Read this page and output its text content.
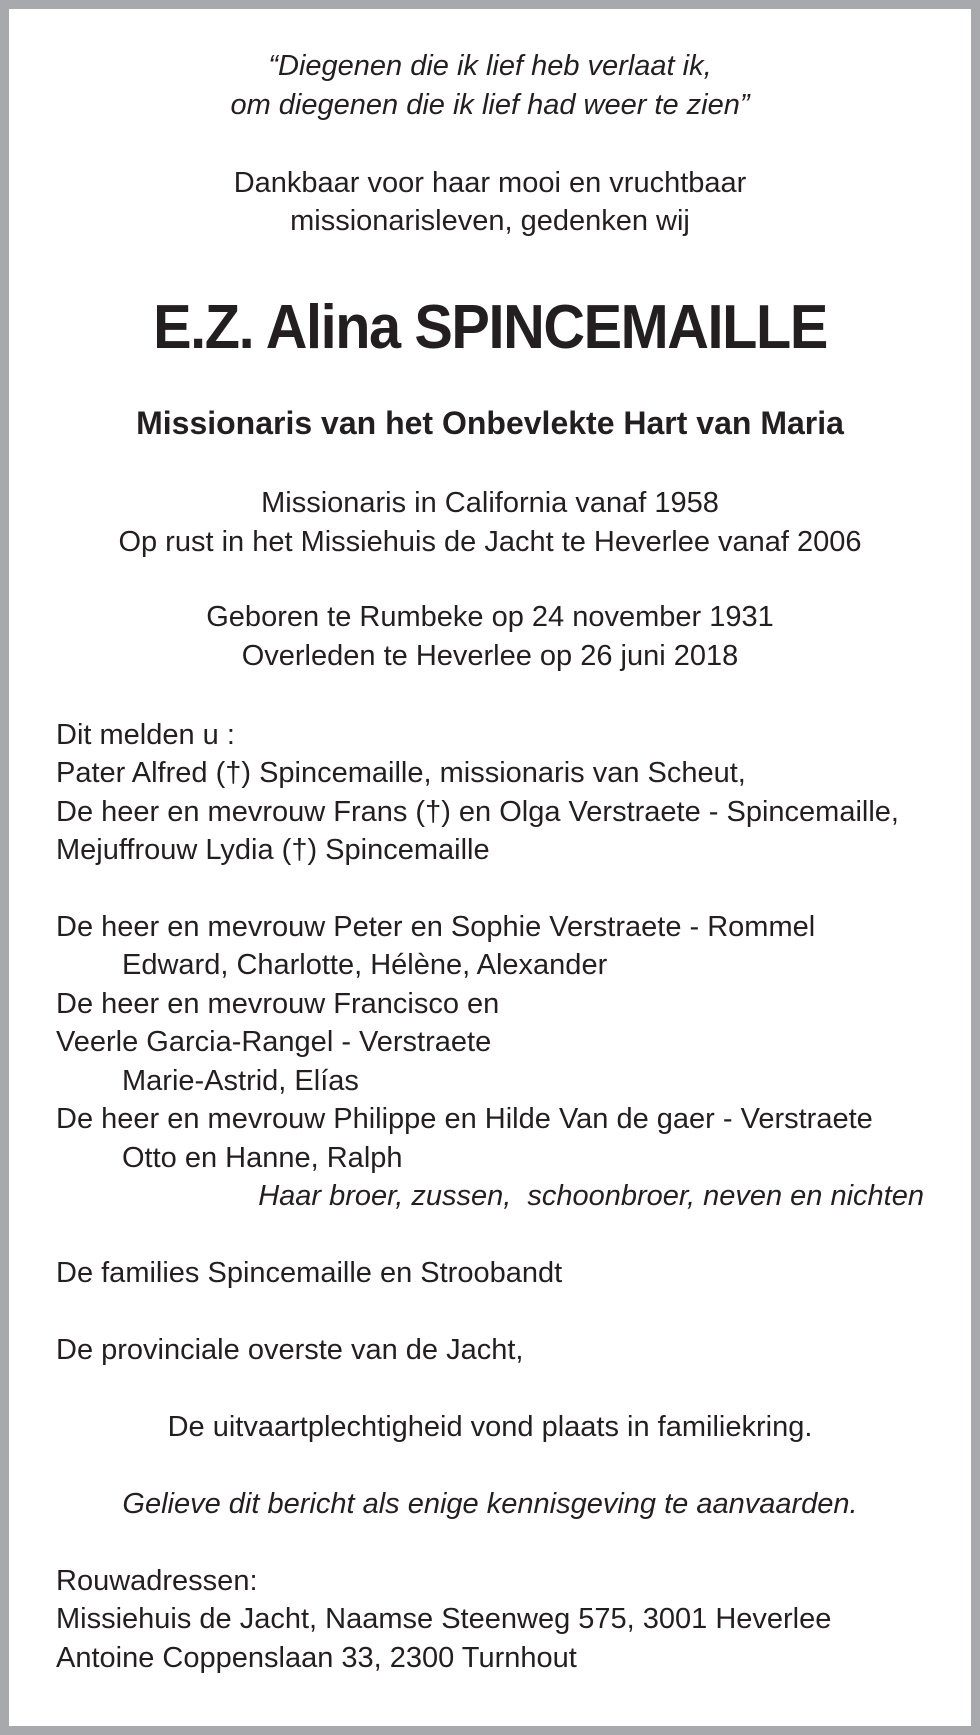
“Diegenen die ik lief heb verlaat ik,
om diegenen die ik lief had weer te zien”
Dankbaar voor haar mooi en vruchtbaar
missionarisleven, gedenken wij
E.Z. Alina SPINCEMAILLE
Missionaris van het Onbevlekte Hart van Maria
Missionaris in California vanaf 1958
Op rust in het Missiehuis de Jacht te Heverlee vanaf 2006
Geboren te Rumbeke op 24 november 1931
Overleden te Heverlee op 26 juni 2018
Dit melden u :
Pater Alfred (†) Spincemaille, missionaris van Scheut,
De heer en mevrouw Frans (†) en Olga Verstraete - Spincemaille,
Mejuffrouw Lydia (†) Spincemaille
De heer en mevrouw Peter en Sophie Verstraete - Rommel
Edward, Charlotte, Hélène, Alexander
De heer en mevrouw Francisco en
Veerle Garcia-Rangel - Verstraete
Marie-Astrid, Elías
De heer en mevrouw Philippe en Hilde Van de gaer - Verstraete
Otto en Hanne, Ralph
Haar broer, zussen,  schoonbroer, neven en nichten
De families Spincemaille en Stroobandt
De provinciale overste van de Jacht,
De uitvaartplechtigheid vond plaats in familiekring.
Gelieve dit bericht als enige kennisgeving te aanvaarden.
Rouwadressen:
Missiehuis de Jacht, Naamse Steenweg 575, 3001 Heverlee
Antoine Coppenslaan 33, 2300 Turnhout
